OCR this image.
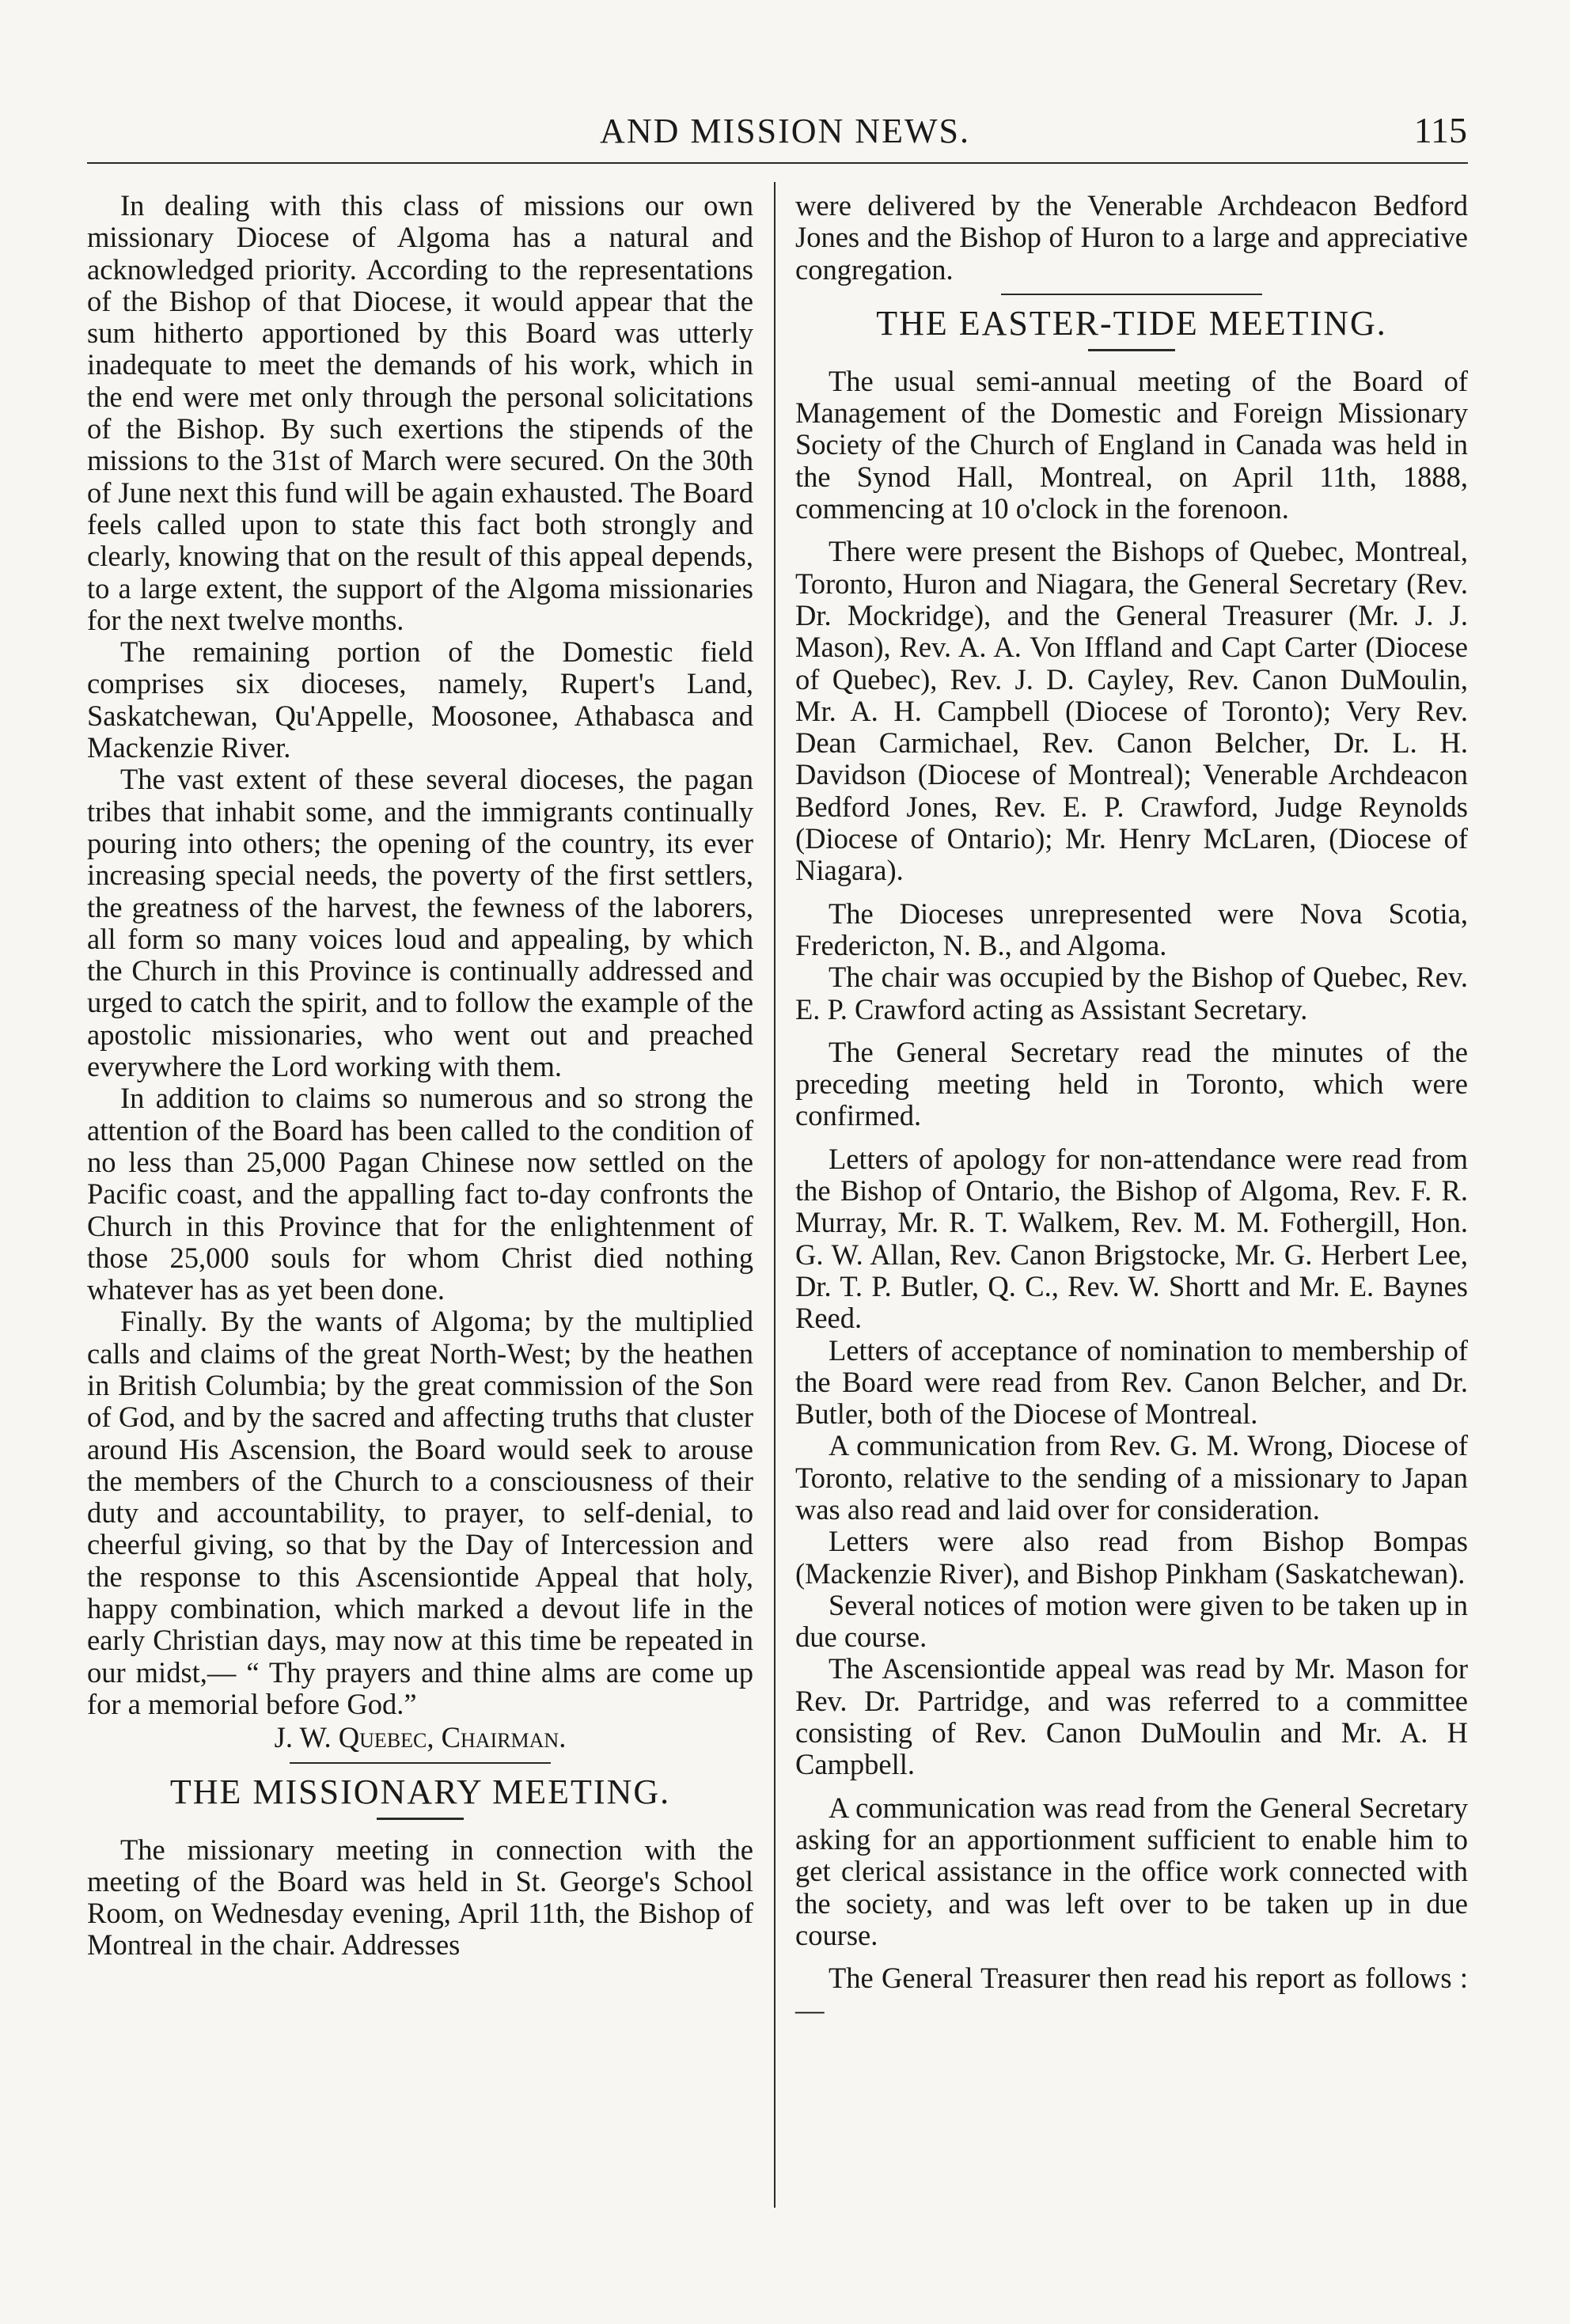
AND MISSION NEWS.	115

In dealing with this class of missions our own missionary Diocese of Algoma has a natural and acknowledged priority. According to the representations of the Bishop of that Diocese, it would appear that the sum hitherto apportioned by this Board was utterly inadequate to meet the demands of his work, which in the end were met only through the personal solicitations of the Bishop. By such exertions the stipends of the missions to the 31st of March were secured. On the 30th of June next this fund will be again exhausted. The Board feels called upon to state this fact both strongly and clearly, knowing that on the result of this appeal depends, to a large extent, the support of the Algoma missionaries for the next twelve months.

The remaining portion of the Domestic field comprises six dioceses, namely, Rupert's Land, Saskatchewan, Qu'Appelle, Moosonee, Athabasca and Mackenzie River.

The vast extent of these several dioceses, the pagan tribes that inhabit some, and the immigrants continually pouring into others; the opening of the country, its ever increasing special needs, the poverty of the first settlers, the greatness of the harvest, the fewness of the laborers, all form so many voices loud and appealing, by which the Church in this Province is continually addressed and urged to catch the spirit, and to follow the example of the apostolic missionaries, who went out and preached everywhere the Lord working with them.

In addition to claims so numerous and so strong the attention of the Board has been called to the condition of no less than 25,000 Pagan Chinese now settled on the Pacific coast, and the appalling fact to-day confronts the Church in this Province that for the enlightenment of those 25,000 souls for whom Christ died nothing whatever has as yet been done.

Finally. By the wants of Algoma; by the multiplied calls and claims of the great North-West; by the heathen in British Columbia; by the great commission of the Son of God, and by the sacred and affecting truths that cluster around His Ascension, the Board would seek to arouse the members of the Church to a consciousness of their duty and accountability, to prayer, to self-denial, to cheerful giving, so that by the Day of Intercession and the response to this Ascensiontide Appeal that holy, happy combination, which marked a devout life in the early Christian days, may now at this time be repeated in our midst,— “ Thy prayers and thine alms are come up for a memorial before God.”

J. W. Quebec, Chairman.

THE MISSIONARY MEETING.

The missionary meeting in connection with the meeting of the Board was held in St. George's School Room, on Wednesday evening, April 11th, the Bishop of Montreal in the chair. Addresses

were delivered by the Venerable Archdeacon Bedford Jones and the Bishop of Huron to a large and appreciative congregation.

THE EASTER-TIDE MEETING.

The usual semi-annual meeting of the Board of Management of the Domestic and Foreign Missionary Society of the Church of England in Canada was held in the Synod Hall, Montreal, on April 11th, 1888, commencing at 10 o'clock in the forenoon.

There were present the Bishops of Quebec, Montreal, Toronto, Huron and Niagara, the General Secretary (Rev. Dr. Mockridge), and the General Treasurer (Mr. J. J. Mason), Rev. A. A. Von Iffland and Capt Carter (Diocese of Quebec), Rev. J. D. Cayley, Rev. Canon DuMoulin, Mr. A. H. Campbell (Diocese of Toronto); Very Rev. Dean Carmichael, Rev. Canon Belcher, Dr. L. H. Davidson (Diocese of Montreal); Venerable Archdeacon Bedford Jones, Rev. E. P. Crawford, Judge Reynolds (Diocese of Ontario); Mr. Henry McLaren, (Diocese of Niagara).

The Dioceses unrepresented were Nova Scotia, Fredericton, N. B., and Algoma.

The chair was occupied by the Bishop of Quebec, Rev. E. P. Crawford acting as Assistant Secretary.

The General Secretary read the minutes of the preceding meeting held in Toronto, which were confirmed.

Letters of apology for non-attendance were read from the Bishop of Ontario, the Bishop of Algoma, Rev. F. R. Murray, Mr. R. T. Walkem, Rev. M. M. Fothergill, Hon. G. W. Allan, Rev. Canon Brigstocke, Mr. G. Herbert Lee, Dr. T. P. Butler, Q. C., Rev. W. Shortt and Mr. E. Baynes Reed.

Letters of acceptance of nomination to membership of the Board were read from Rev. Canon Belcher, and Dr. Butler, both of the Diocese of Montreal.

A communication from Rev. G. M. Wrong, Diocese of Toronto, relative to the sending of a missionary to Japan was also read and laid over for consideration.

Letters were also read from Bishop Bompas (Mackenzie River), and Bishop Pinkham (Saskatchewan).

Several notices of motion were given to be taken up in due course.

The Ascensiontide appeal was read by Mr. Mason for Rev. Dr. Partridge, and was referred to a committee consisting of Rev. Canon DuMoulin and Mr. A. H Campbell.

A communication was read from the General Secretary asking for an apportionment sufficient to enable him to get clerical assistance in the office work connected with the society, and was left over to be taken up in due course.

The General Treasurer then read his report as follows :—
